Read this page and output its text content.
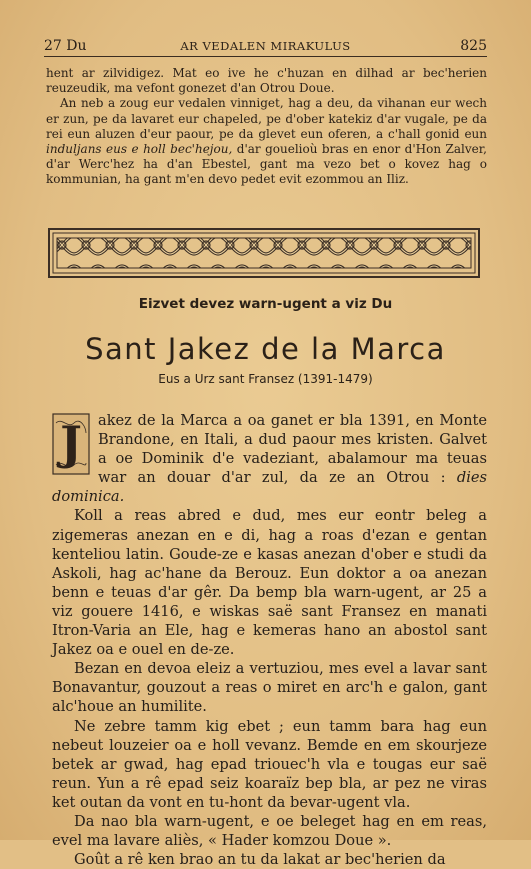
27 Du	AR VEDALEN MIRAKULUS	825

hent ar zilvidigez. Mat eo ive he c'huzan en dilhad ar bec'herien reuzeudik, ma vefont gonezet d'an Otrou Doue.

An neb a zoug eur vedalen vinniget, hag a deu, da vihanan eur wech er zun, pe da lavaret eur chapeled, pe d'ober katekiz d'ar vugale, pe da rei eun aluzen d'eur paour, pe da glevet eun oferen, a c'hall gonid eun induljans eus e holl bec'hejou, d'ar gouelioù bras en enor d'Hon Zalver, d'ar Werc'hez ha d'an Ebestel, gant ma vezo bet o kovez hag o kommunian, ha gant m'en devo pedet evit ezommou an Iliz.

Eizvet devez warn-ugent a viz Du
Sant Jakez de la Marca
Eus a Urz sant Fransez (1391-1479)

J akez de la Marca a oa ganet er bla 1391, en Monte Brandone, en Itali, a dud paour mes kristen. Galvet a oe Dominik d'e vadeziant, abalamour ma teuas war an douar d'ar zul, da ze an Otrou : dies dominica.

Koll a reas abred e dud, mes eur eontr beleg a zigemeras anezan en e di, hag a roas d'ezan e gentan kenteliou latin. Goude-ze e kasas anezan d'ober e studi da Askoli, hag ac'hane da Berouz. Eun doktor a oa anezan benn e teuas d'ar gêr. Da bemp bla warn-ugent, ar 25 a viz gouere 1416, e wiskas saë sant Fransez en manati Itron-Varia an Ele, hag e kemeras hano an abostol sant Jakez oa e ouel en de-ze.

Bezan en devoa eleiz a vertuziou, mes evel a lavar sant Bonavantur, gouzout a reas o miret en arc'h e galon, gant alc'houe an humilite.

Ne zebre tamm kig ebet ; eun tamm bara hag eun nebeut louzeier oa e holl vevanz. Bemde en em skourjeze betek ar gwad, hag epad triouec'h vla e tougas eur saë reun. Yun a rê epad seiz koaraïz bep bla, ar pez ne viras ket outan da vont en tu-hont da bevar-ugent vla.

Da nao bla warn-ugent, e oe beleget hag en em reas, evel ma lavare aliès, « Hader komzou Doue ».

Goût a rê ken brao an tu da lakat ar bec'herien da
